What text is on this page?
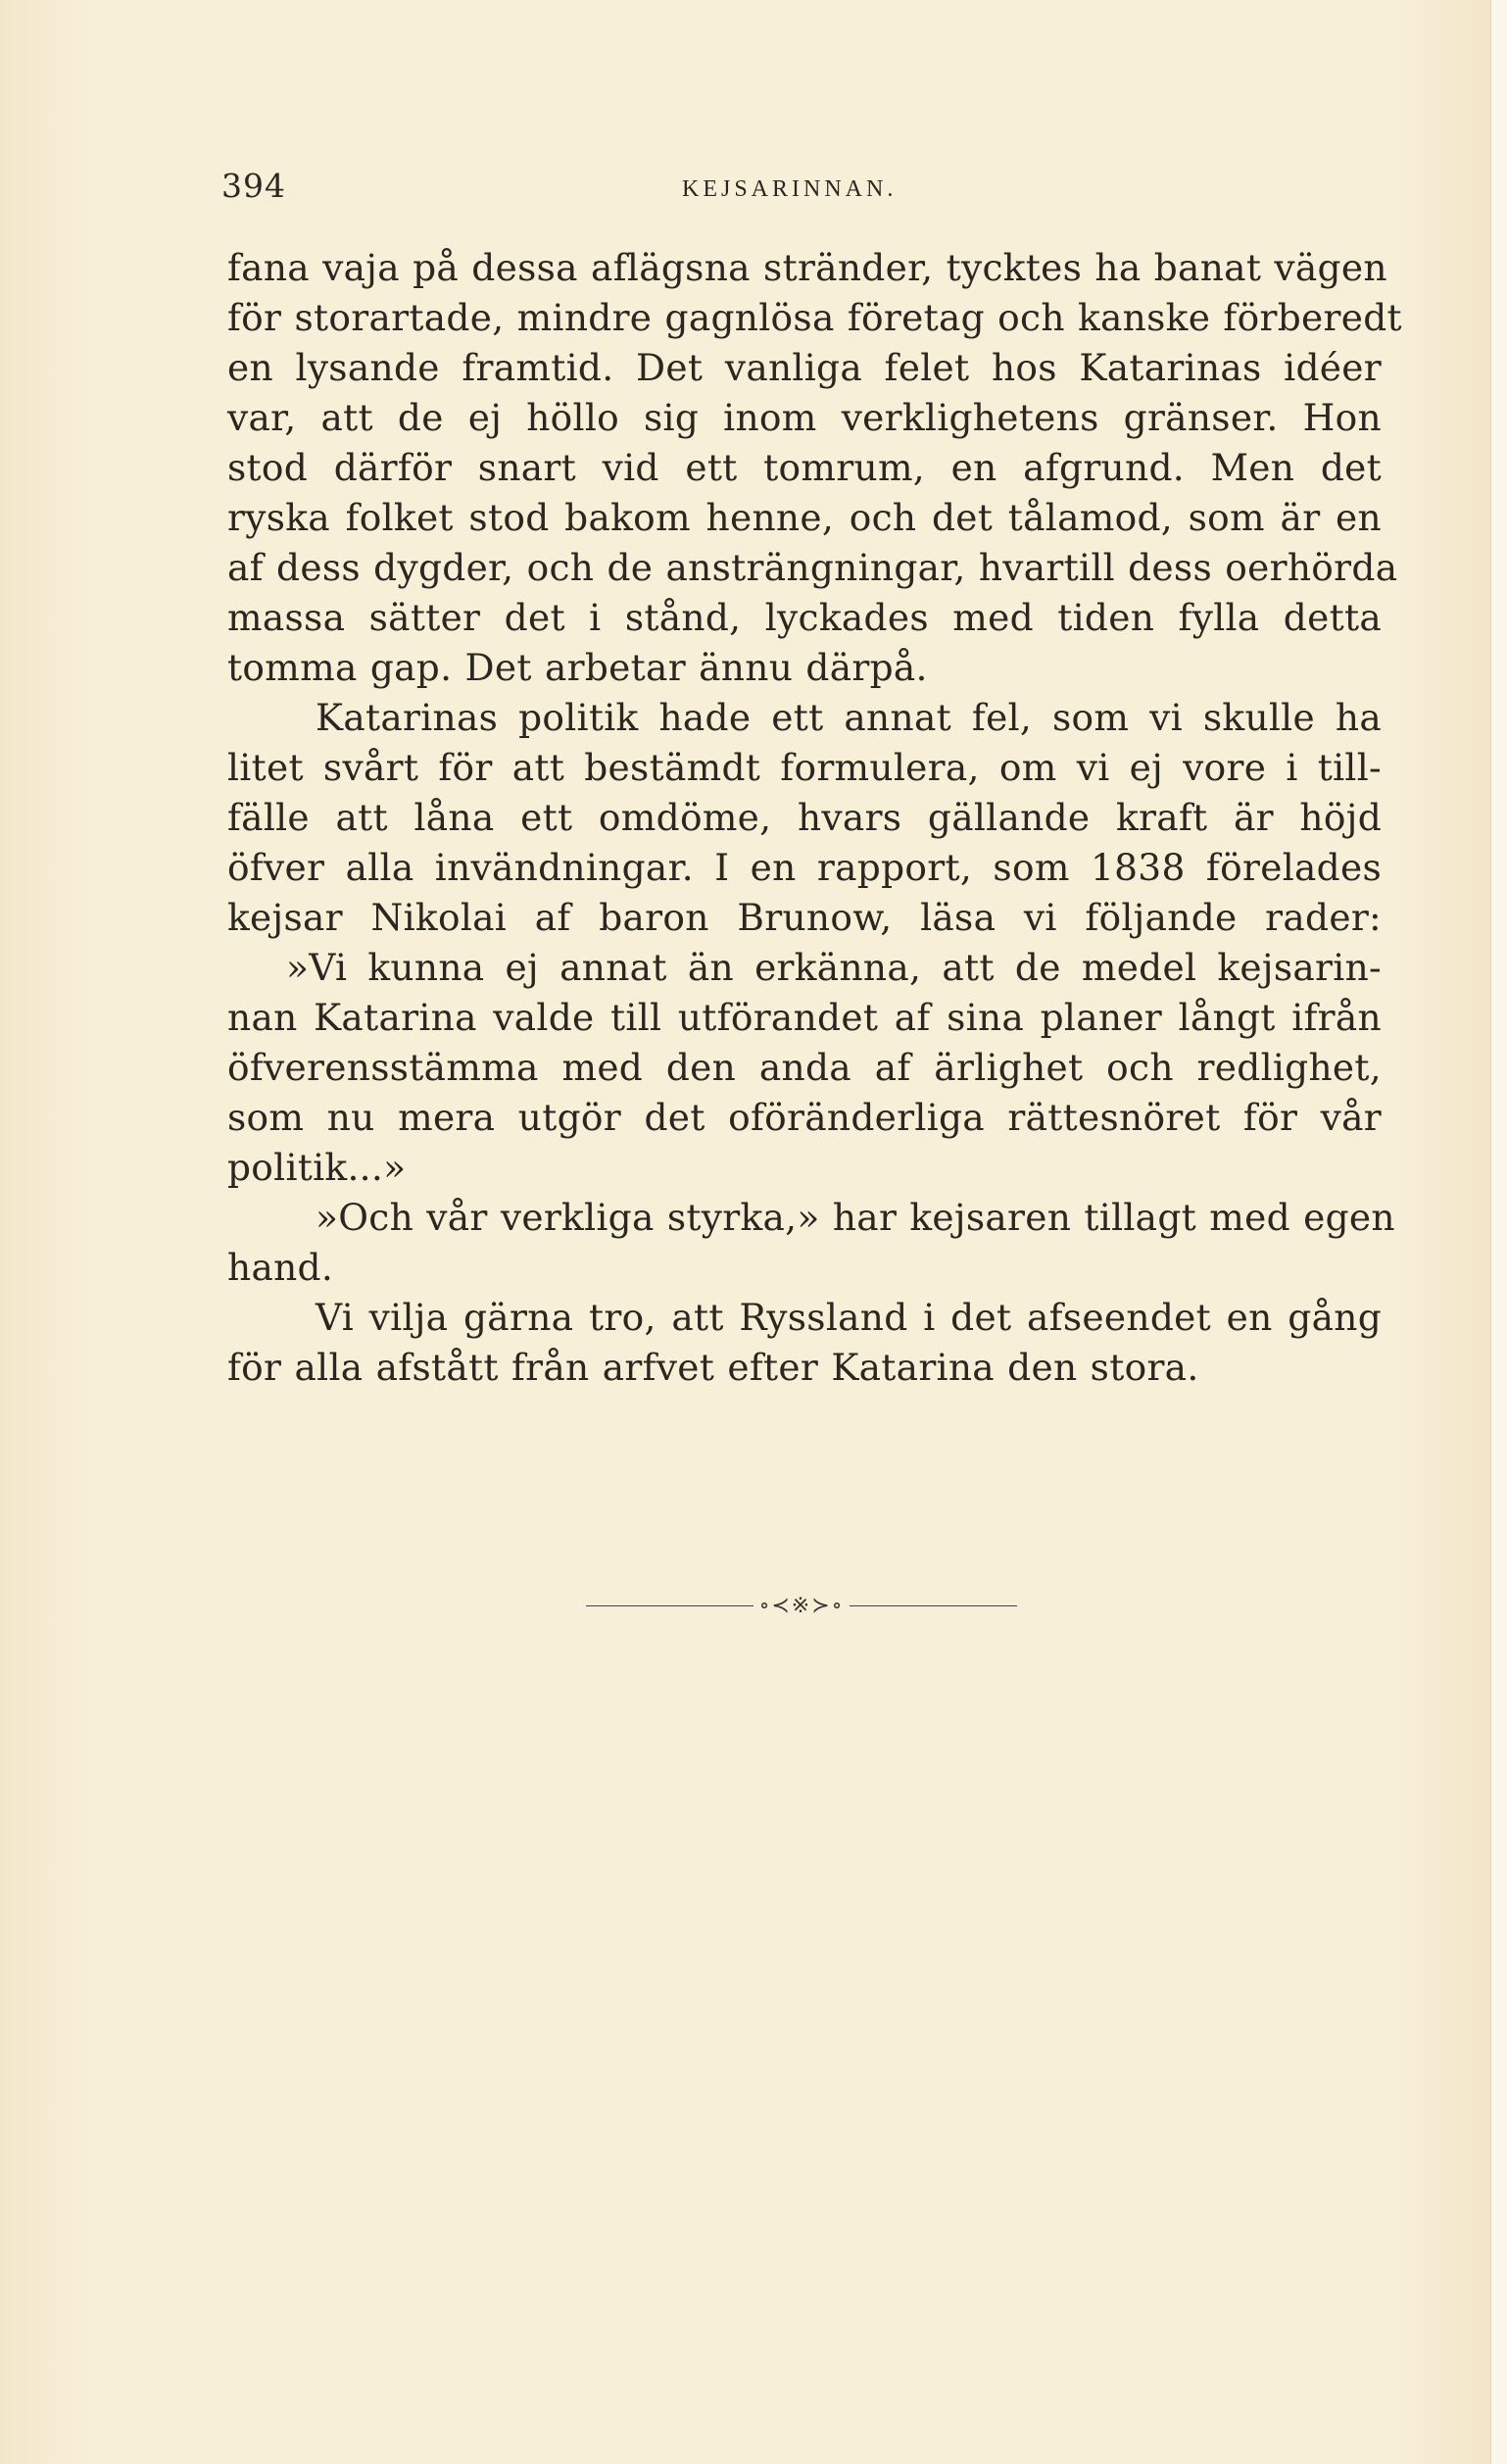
394	KEJSARINNAN.
fana vaja på dessa aflägsna stränder, tycktes ha banat vägen
för storartade, mindre gagnlösa företag och kanske förberedt
en lysande framtid. Det vanliga felet hos Katarinas idéer
var, att de ej höllo sig inom verklighetens gränser. Hon
stod därför snart vid ett tomrum, en afgrund. Men det
ryska folket stod bakom henne, och det tålamod, som är en
af dess dygder, och de ansträngningar, hvartill dess oerhörda
massa sätter det i stånd, lyckades med tiden fylla detta
tomma gap. Det arbetar ännu därpå.
Katarinas politik hade ett annat fel, som vi skulle ha
litet svårt för att bestämdt formulera, om vi ej vore i till-
fälle att låna ett omdöme, hvars gällande kraft är höjd
öfver alla invändningar. I en rapport, som 1838 förelades
kejsar Nikolai af baron Brunow, läsa vi följande rader:
»Vi kunna ej annat än erkänna, att de medel kejsarin-
nan Katarina valde till utförandet af sina planer långt ifrån
öfverensstämma med den anda af ärlighet och redlighet,
som nu mera utgör det oföränderliga rättesnöret för vår
politik...»
»Och vår verkliga styrka,» har kejsaren tillagt med egen
hand.
Vi vilja gärna tro, att Ryssland i det afseendet en gång
för alla afstått från arfvet efter Katarina den stora.
∘≺※≻∘
